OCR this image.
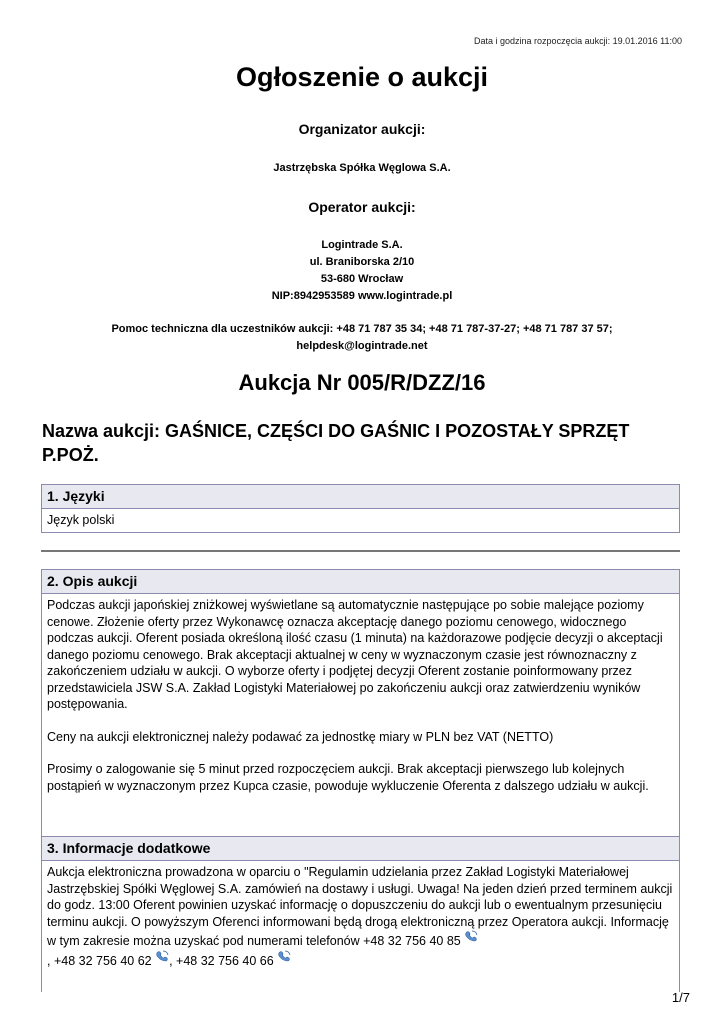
Data i godzina rozpoczęcia aukcji: 19.01.2016 11:00
Ogłoszenie o aukcji
Organizator aukcji:
Jastrzębska Spółka Węglowa S.A.
Operator aukcji:
Logintrade S.A.
ul. Braniborska 2/10
53-680 Wrocław
NIP:8942953589 www.logintrade.pl
Pomoc techniczna dla uczestników aukcji: +48 71 787 35 34; +48 71 787-37-27; +48 71 787 37 57;
helpdesk@logintrade.net
Aukcja Nr 005/R/DZZ/16
Nazwa aukcji: GAŚNICE, CZĘŚCI DO GAŚNIC I POZOSTAŁY SPRZĘT P.POŻ.
1. Języki
Język polski
2. Opis aukcji

Podczas aukcji japońskiej zniżkowej wyświetlane są automatycznie następujące po sobie malejące poziomy cenowe. Złożenie oferty przez Wykonawcę oznacza akceptację danego poziomu cenowego, widocznego podczas aukcji. Oferent posiada określoną ilość czasu (1 minuta) na każdorazowe podjęcie decyzji o akceptacji danego poziomu cenowego. Brak akceptacji aktualnej w ceny w wyznaczonym czasie jest równoznaczny z zakończeniem udziału w aukcji. O wyborze oferty i podjętej decyzji Oferent zostanie poinformowany przez przedstawiciela JSW S.A. Zakład Logistyki Materiałowej po zakończeniu aukcji oraz zatwierdzeniu wyników postępowania.

Ceny na aukcji elektronicznej należy podawać za jednostkę miary w PLN bez VAT (NETTO)

Prosimy o zalogowanie się 5 minut przed rozpoczęciem aukcji. Brak akceptacji pierwszego lub kolejnych postąpień w wyznaczonym przez Kupca czasie, powoduje wykluczenie Oferenta z dalszego udziału w aukcji.

3. Informacje dodatkowe
Aukcja elektroniczna prowadzona w oparciu o "Regulamin udzielania przez Zakład Logistyki Materiałowej Jastrzębskiej Spółki Węglowej S.A. zamówień na dostawy i usługi. Uwaga! Na jeden dzień przed terminem aukcji do godz. 13:00 Oferent powinien uzyskać informację o dopuszczeniu do aukcji lub o ewentualnym przesunięciu terminu aukcji. O powyższym Oferenci informowani będą drogą elektroniczną przez Operatora aukcji. Informację w tym zakresie można uzyskać pod numerami telefonów +48 32 756 40 85
, +48 32 756 40 62 , +48 32 756 40 66
1/7
